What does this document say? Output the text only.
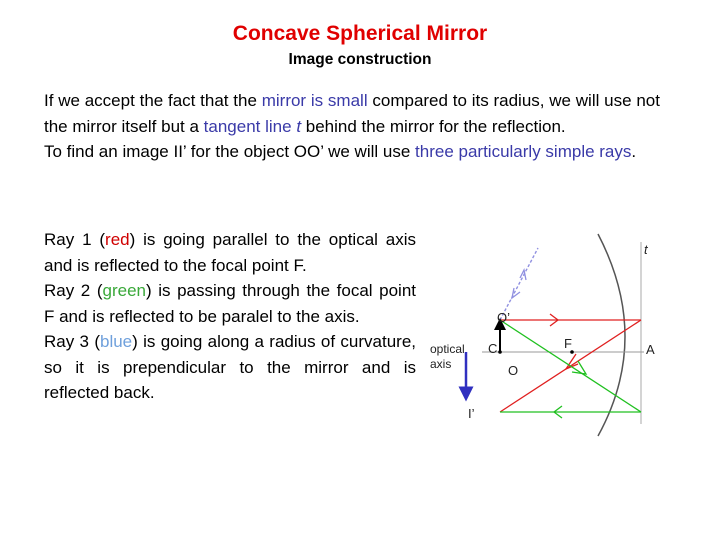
Concave Spherical Mirror
Image construction

If we accept the fact that the mirror is small compared to its radius, we will use not the mirror itself but a tangent line t behind the mirror for the reflection.

To find an image II’ for the object OO’ we will use three particularly simple rays.

Ray 1 (red) is going parallel to the optical axis and is reflected to the focal point F.

Ray 2 (green) is passing through the focal point F and is reflected to be paralel to the axis.

Ray 3 (blue) is going along a radius of curvature, so it is prependicular to the mirror and is reflected back.

t
O’
F	A
optical
axis
C
O
I’
